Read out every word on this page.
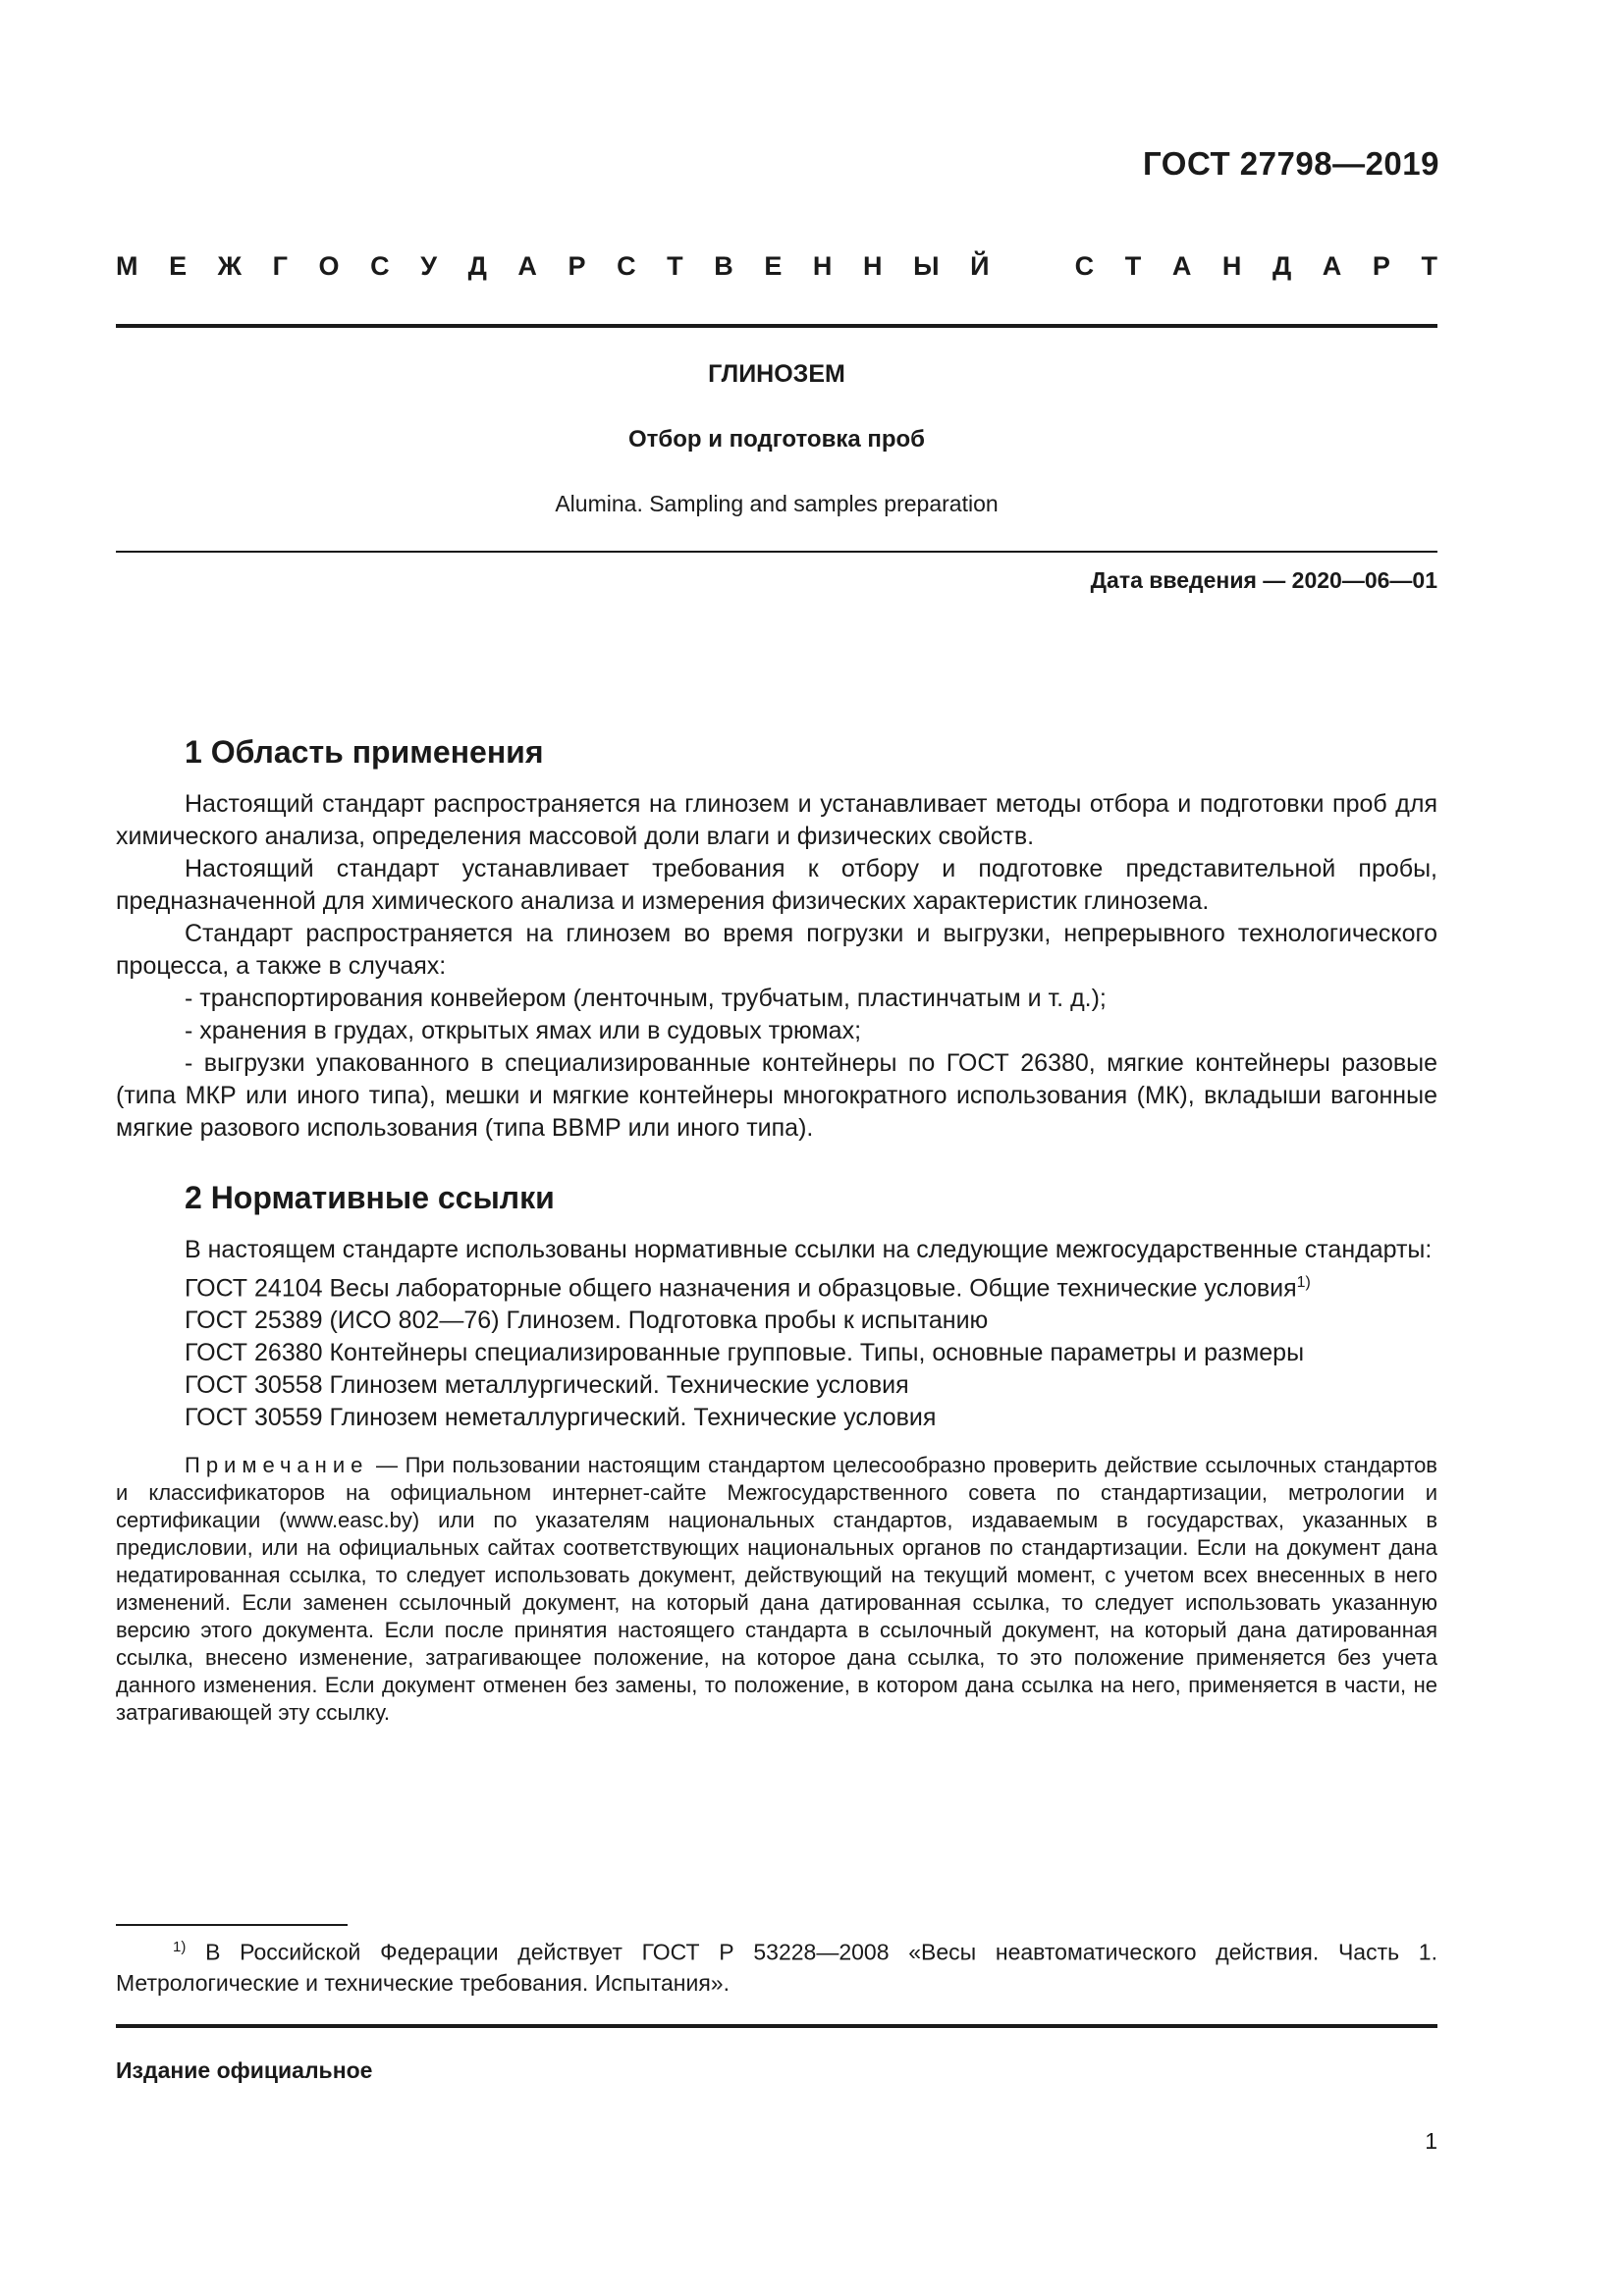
ГОСТ 27798—2019
М Е Ж Г О С У Д А Р С Т В Е Н Н Ы Й
	С Т А Н Д А Р Т
ГЛИНОЗЕМ
Отбор и подготовка проб
Alumina. Sampling and samples preparation
Дата введения — 2020—06—01
1 Область применения

Настоящий стандарт распространяется на глинозем и устанавливает методы отбора и подготовки проб для химического анализа, определения массовой доли влаги и физических свойств.

Настоящий стандарт устанавливает требования к отбору и подготовке представительной пробы, предназначенной для химического анализа и измерения физических характеристик глинозема.

Стандарт распространяется на глинозем во время погрузки и выгрузки, непрерывного технологического процесса, а также в случаях:

- транспортирования конвейером (ленточным, трубчатым, пластинчатым и т. д.);

- хранения в грудах, открытых ямах или в судовых трюмах;

- выгрузки упакованного в специализированные контейнеры по ГОСТ 26380, мягкие контейнеры разовые (типа МКР или иного типа), мешки и мягкие контейнеры многократного использования (МК), вкладыши вагонные мягкие разового использования (типа ВВМР или иного типа).

2 Нормативные ссылки

В настоящем стандарте использованы нормативные ссылки на следующие межгосударственные стандарты:

ГОСТ 24104 Весы лабораторные общего назначения и образцовые. Общие технические условия$^{1)}$

ГОСТ 25389 (ИСО 802—76) Глинозем. Подготовка пробы к испытанию

ГОСТ 26380 Контейнеры специализированные групповые. Типы, основные параметры и размеры

ГОСТ 30558 Глинозем металлургический. Технические условия

ГОСТ 30559 Глинозем неметаллургический. Технические условия

Примечание — При пользовании настоящим стандартом целесообразно проверить действие ссылочных стандартов и классификаторов на официальном интернет-сайте Межгосударственного совета по стандартизации, метрологии и сертификации (www.easc.by) или по указателям национальных стандартов, издаваемым в государствах, указанных в предисловии, или на официальных сайтах соответствующих национальных органов по стандартизации. Если на документ дана недатированная ссылка, то следует использовать документ, действующий на текущий момент, с учетом всех внесенных в него изменений. Если заменен ссылочный документ, на который дана датированная ссылка, то следует использовать указанную версию этого документа. Если после принятия настоящего стандарта в ссылочный документ, на который дана датированная ссылка, внесено изменение, затрагивающее положение, на которое дана ссылка, то это положение применяется без учета данного изменения. Если документ отменен без замены, то положение, в котором дана ссылка на него, применяется в части, не затрагивающей эту ссылку.

$^{1)}$ В Российской Федерации действует ГОСТ Р 53228—2008 «Весы неавтоматического действия. Часть 1. Метрологические и технические требования. Испытания».

Издание официальное
1
